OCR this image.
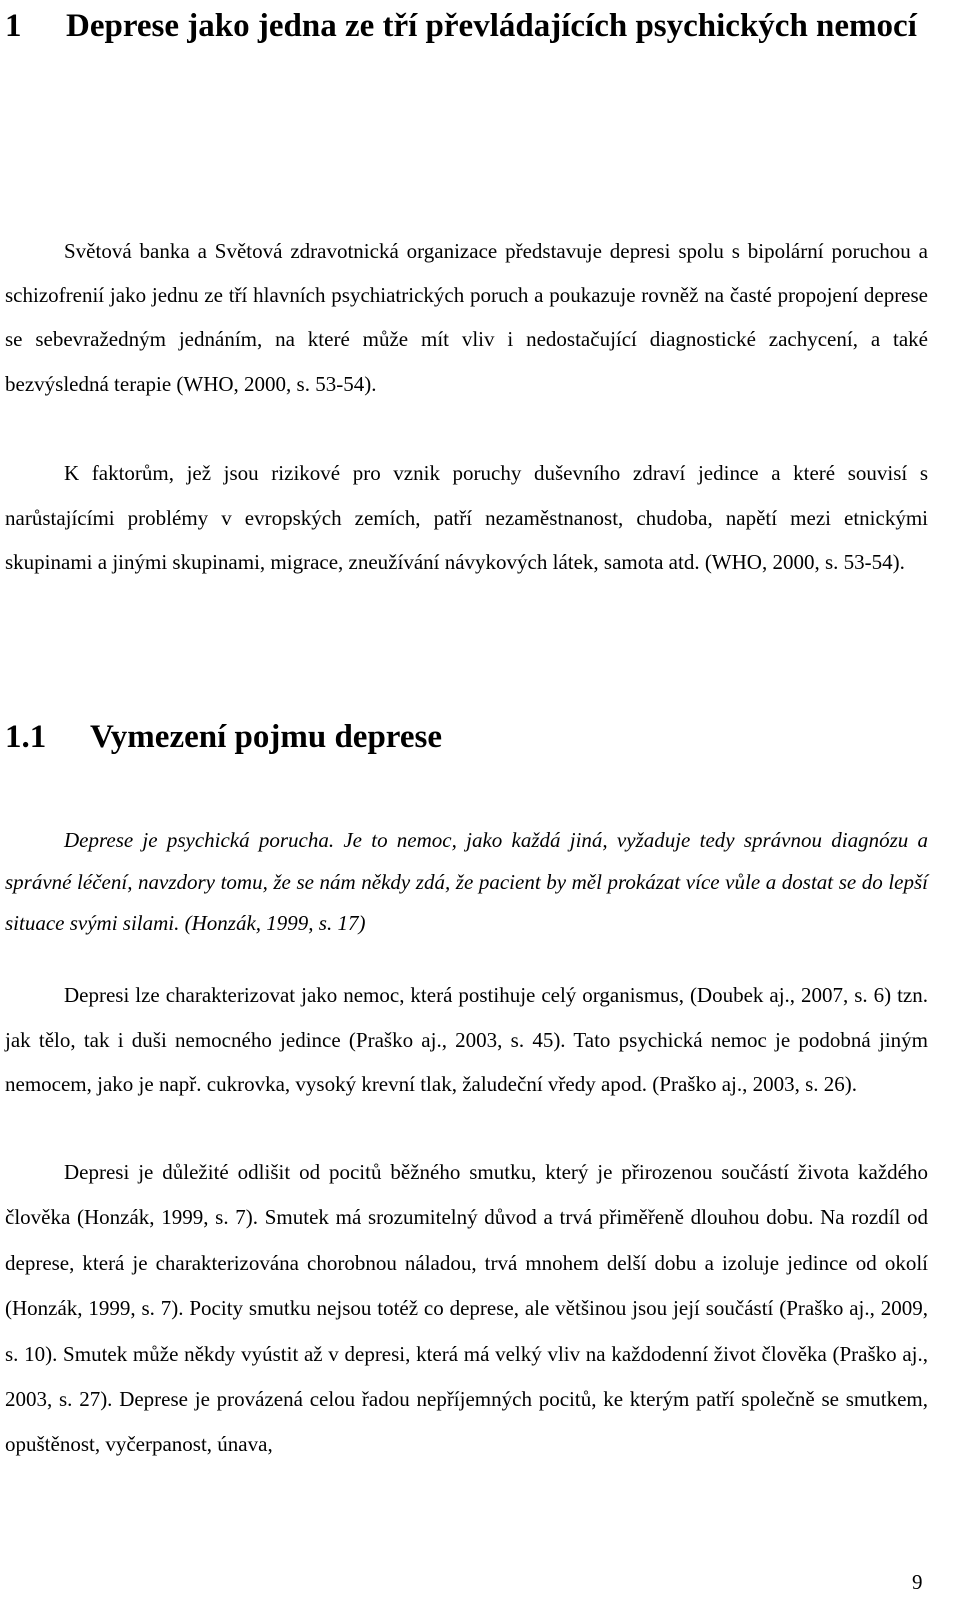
1 Deprese jako jedna ze tří převládajících psychických nemocí

Světová banka a Světová zdravotnická organizace představuje depresi spolu s bipolární poruchou a schizofrenií jako jednu ze tří hlavních psychiatrických poruch a poukazuje rovněž na časté propojení deprese se sebevražedným jednáním, na které může mít vliv i nedostačující diagnostické zachycení, a také bezvýsledná terapie (WHO, 2000, s. 53-54).

K faktorům, jež jsou rizikové pro vznik poruchy duševního zdraví jedince a které souvisí s narůstajícími problémy v evropských zemích, patří nezaměstnanost, chudoba, napětí mezi etnickými skupinami a jinými skupinami, migrace, zneužívání návykových látek, samota atd. (WHO, 2000, s. 53-54).

1.1 Vymezení pojmu deprese

Deprese je psychická porucha. Je to nemoc, jako každá jiná, vyžaduje tedy správnou diagnózu a správné léčení, navzdory tomu, že se nám někdy zdá, že pacient by měl prokázat více vůle a dostat se do lepší situace svými silami. (Honzák, 1999, s. 17)

Depresi lze charakterizovat jako nemoc, která postihuje celý organismus, (Doubek aj., 2007, s. 6) tzn. jak tělo, tak i duši nemocného jedince (Praško aj., 2003, s. 45). Tato psychická nemoc je podobná jiným nemocem, jako je např. cukrovka, vysoký krevní tlak, žaludeční vředy apod. (Praško aj., 2003, s. 26).

Depresi je důležité odlišit od pocitů běžného smutku, který je přirozenou součástí života každého člověka (Honzák, 1999, s. 7). Smutek má srozumitelný důvod a trvá přiměřeně dlouhou dobu. Na rozdíl od deprese, která je charakterizována chorobnou náladou, trvá mnohem delší dobu a izoluje jedince od okolí (Honzák, 1999, s. 7). Pocity smutku nejsou totéž co deprese, ale většinou jsou její součástí (Praško aj., 2009, s. 10). Smutek může někdy vyústit až v depresi, která má velký vliv na každodenní život člověka (Praško aj., 2003, s. 27). Deprese je provázená celou řadou nepříjemných pocitů, ke kterým patří společně se smutkem, opuštěnost, vyčerpanost, únava,

9
